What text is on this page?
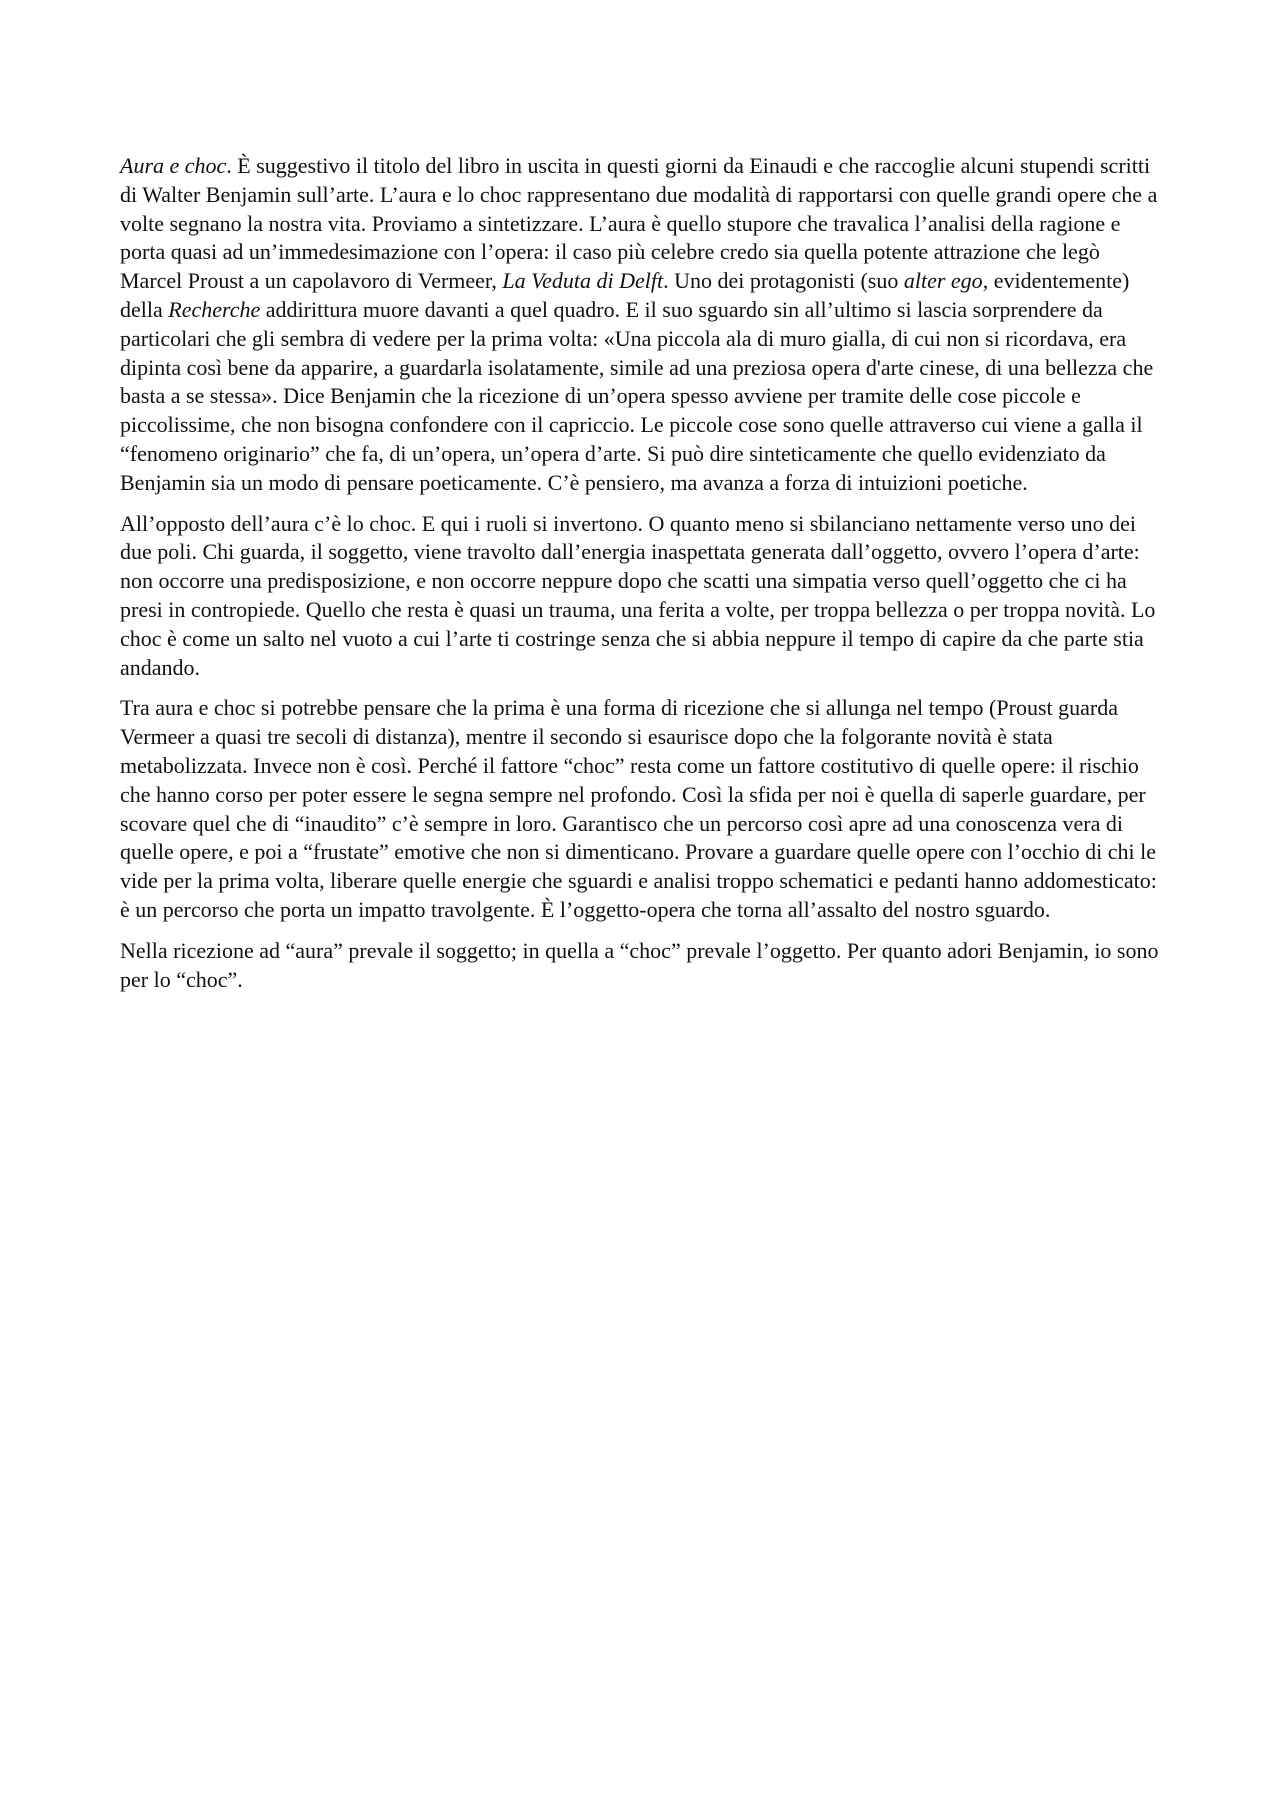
Aura e choc. È suggestivo il titolo del libro in uscita in questi giorni da Einaudi e che raccoglie alcuni stupendi scritti di Walter Benjamin sull’arte. L’aura e lo choc rappresentano due modalità di rapportarsi con quelle grandi opere che a volte segnano la nostra vita. Proviamo a sintetizzare. L’aura è quello stupore che travalica l’analisi della ragione e porta quasi ad un’immedesimazione con l’opera: il caso più celebre credo sia quella potente attrazione che legò Marcel Proust a un capolavoro di Vermeer, La Veduta di Delft. Uno dei protagonisti (suo alter ego, evidentemente) della Recherche addirittura muore davanti a quel quadro. E il suo sguardo sin all’ultimo si lascia sorprendere da particolari che gli sembra di vedere per la prima volta: «Una piccola ala di muro gialla, di cui non si ricordava, era dipinta così bene da apparire, a guardarla isolatamente, simile ad una preziosa opera d'arte cinese, di una bellezza che basta a se stessa». Dice Benjamin che la ricezione di un’opera spesso avviene per tramite delle cose piccole e piccolissime, che non bisogna confondere con il capriccio. Le piccole cose sono quelle attraverso cui viene a galla il “fenomeno originario” che fa, di un’opera, un’opera d’arte. Si può dire sinteticamente che quello evidenziato da Benjamin sia un modo di pensare poeticamente. C’è pensiero, ma avanza a forza di intuizioni poetiche.

All’opposto dell’aura c’è lo choc. E qui i ruoli si invertono. O quanto meno si sbilanciano nettamente verso uno dei due poli. Chi guarda, il soggetto, viene travolto dall’energia inaspettata generata dall’oggetto, ovvero l’opera d’arte: non occorre una predisposizione, e non occorre neppure dopo che scatti una simpatia verso quell’oggetto che ci ha presi in contropiede. Quello che resta è quasi un trauma, una ferita a volte, per troppa bellezza o per troppa novità. Lo choc è come un salto nel vuoto a cui l’arte ti costringe senza che si abbia neppure il tempo di capire da che parte stia andando.

Tra aura e choc si potrebbe pensare che la prima è una forma di ricezione che si allunga nel tempo (Proust guarda Vermeer a quasi tre secoli di distanza), mentre il secondo si esaurisce dopo che la folgorante novità è stata metabolizzata. Invece non è così. Perché il fattore “choc” resta come un fattore costitutivo di quelle opere: il rischio che hanno corso per poter essere le segna sempre nel profondo. Così la sfida per noi è quella di saperle guardare, per scovare quel che di “inaudito” c’è sempre in loro. Garantisco che un percorso così apre ad una conoscenza vera di quelle opere, e poi a “frustate” emotive che non si dimenticano. Provare a guardare quelle opere con l’occhio di chi le vide per la prima volta, liberare quelle energie che sguardi e analisi troppo schematici e pedanti hanno addomesticato: è un percorso che porta un impatto travolgente. È l’oggetto-opera che torna all’assalto del nostro sguardo.

Nella ricezione ad “aura” prevale il soggetto; in quella a “choc” prevale l’oggetto. Per quanto adori Benjamin, io sono per lo “choc”.
